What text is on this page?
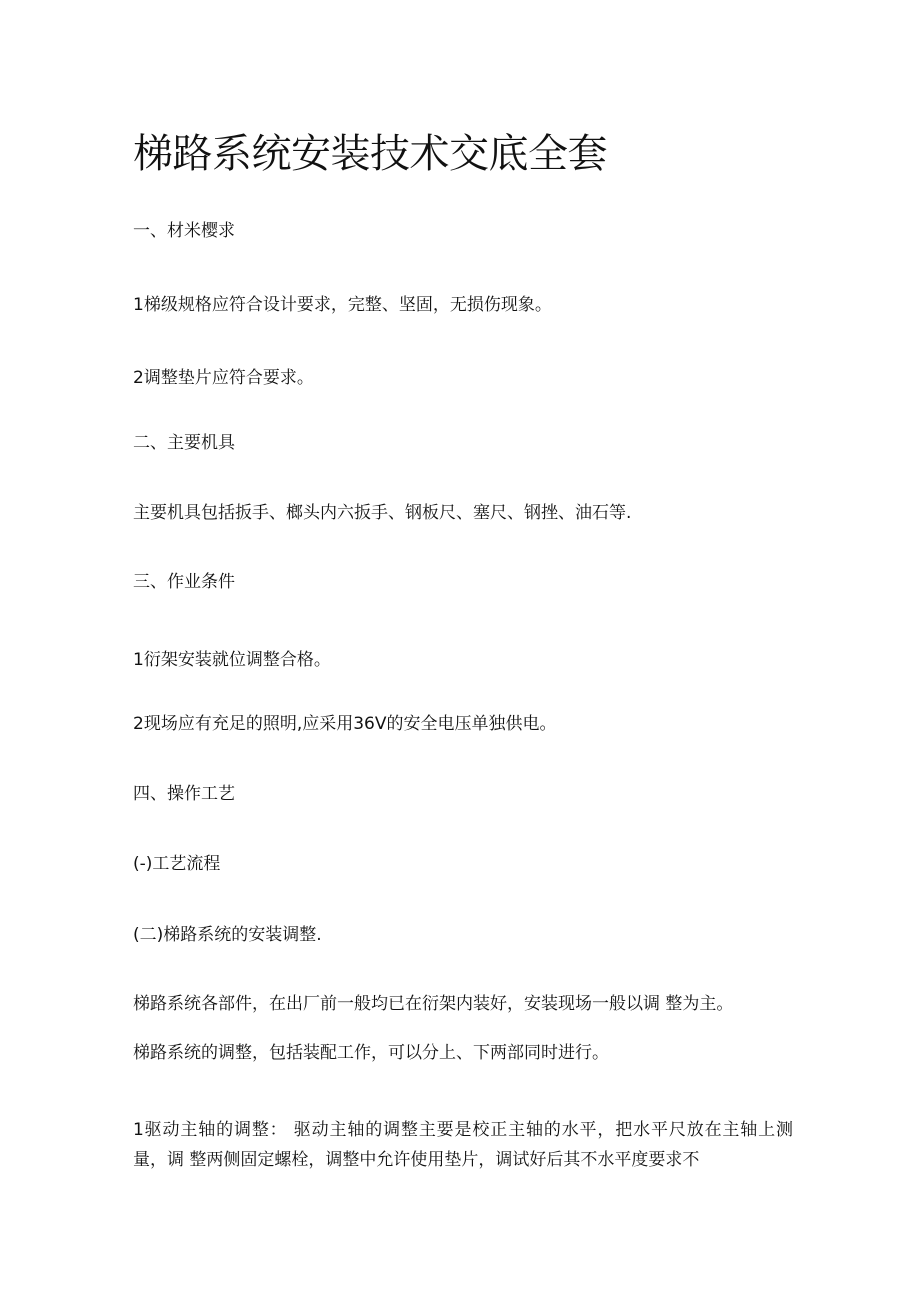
梯路系统安装技术交底全套

一、材米樱求

1梯级规格应符合设计要求，完整、坚固，无损伤现象。

2调整垫片应符合要求。

二、主要机具

主要机具包括扳手、榔头内六扳手、钢板尺、塞尺、钢挫、油石等.

三、作业条件

1衍架安装就位调整合格。

2现场应有充足的照明,应采用36V的安全电压单独供电。

四、操作工艺

(-)工艺流程

(二)梯路系统的安装调整.

梯路系统各部件，在出厂前一般均已在衍架内装好，安装现场一般以调 整为主。

梯路系统的调整，包括装配工作，可以分上、下两部同时进行。

1驱动主轴的调整： 驱动主轴的调整主要是校正主轴的水平，把水平尺放在主轴上测量，调 整两侧固定螺栓，调整中允许使用垫片，调试好后其不水平度要求不
